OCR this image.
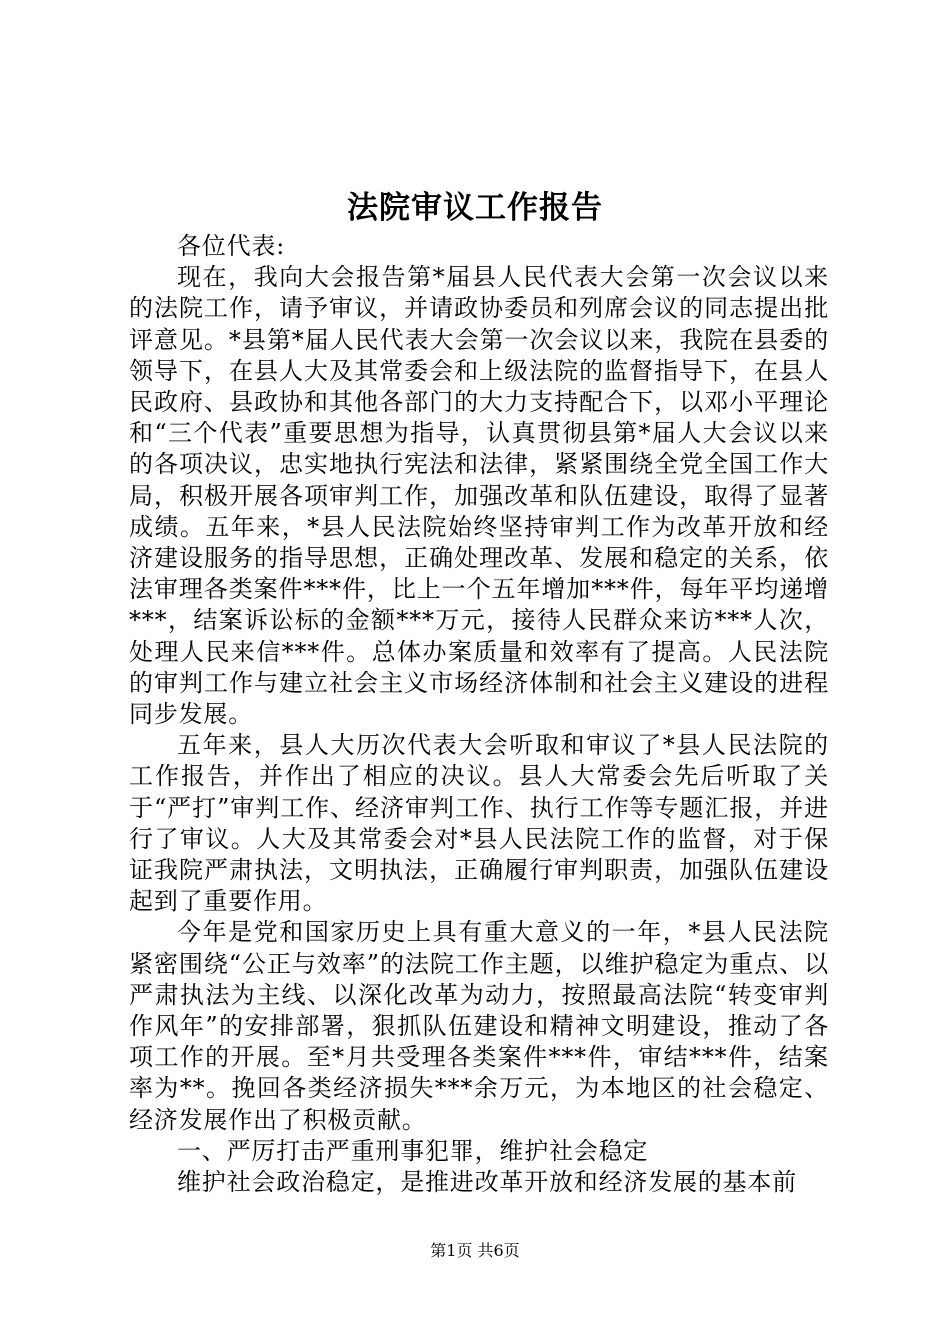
法院审议工作报告

各位代表:

现在，我向大会报告第*届县人民代表大会第一次会议以来的法院工作，请予审议，并请政协委员和列席会议的同志提出批评意见。*县第*届人民代表大会第一次会议以来，我院在县委的领导下，在县人大及其常委会和上级法院的监督指导下，在县人民政府、县政协和其他各部门的大力支持配合下，以邓小平理论和“三个代表”重要思想为指导，认真贯彻县第*届人大会议以来的各项决议，忠实地执行宪法和法律，紧紧围绕全党全国工作大局，积极开展各项审判工作，加强改革和队伍建设，取得了显著成绩。五年来，*县人民法院始终坚持审判工作为改革开放和经济建设服务的指导思想，正确处理改革、发展和稳定的关系，依法审理各类案件***件，比上一个五年增加***件，每年平均递增***，结案诉讼标的金额***万元，接待人民群众来访***人次，处理人民来信***件。总体办案质量和效率有了提高。人民法院的审判工作与建立社会主义市场经济体制和社会主义建设的进程同步发展。

五年来，县人大历次代表大会听取和审议了*县人民法院的工作报告，并作出了相应的决议。县人大常委会先后听取了关于“严打”审判工作、经济审判工作、执行工作等专题汇报，并进行了审议。人大及其常委会对*县人民法院工作的监督，对于保证我院严肃执法，文明执法，正确履行审判职责，加强队伍建设起到了重要作用。

今年是党和国家历史上具有重大意义的一年，*县人民法院紧密围绕“公正与效率”的法院工作主题，以维护稳定为重点、以严肃执法为主线、以深化改革为动力，按照最高法院“转变审判作风年”的安排部署，狠抓队伍建设和精神文明建设，推动了各项工作的开展。至*月共受理各类案件***件，审结***件，结案率为**。挽回各类经济损失***余万元，为本地区的社会稳定、经济发展作出了积极贡献。

一、严厉打击严重刑事犯罪，维护社会稳定

维护社会政治稳定，是推进改革开放和经济发展的基本前

第1页 共6页
